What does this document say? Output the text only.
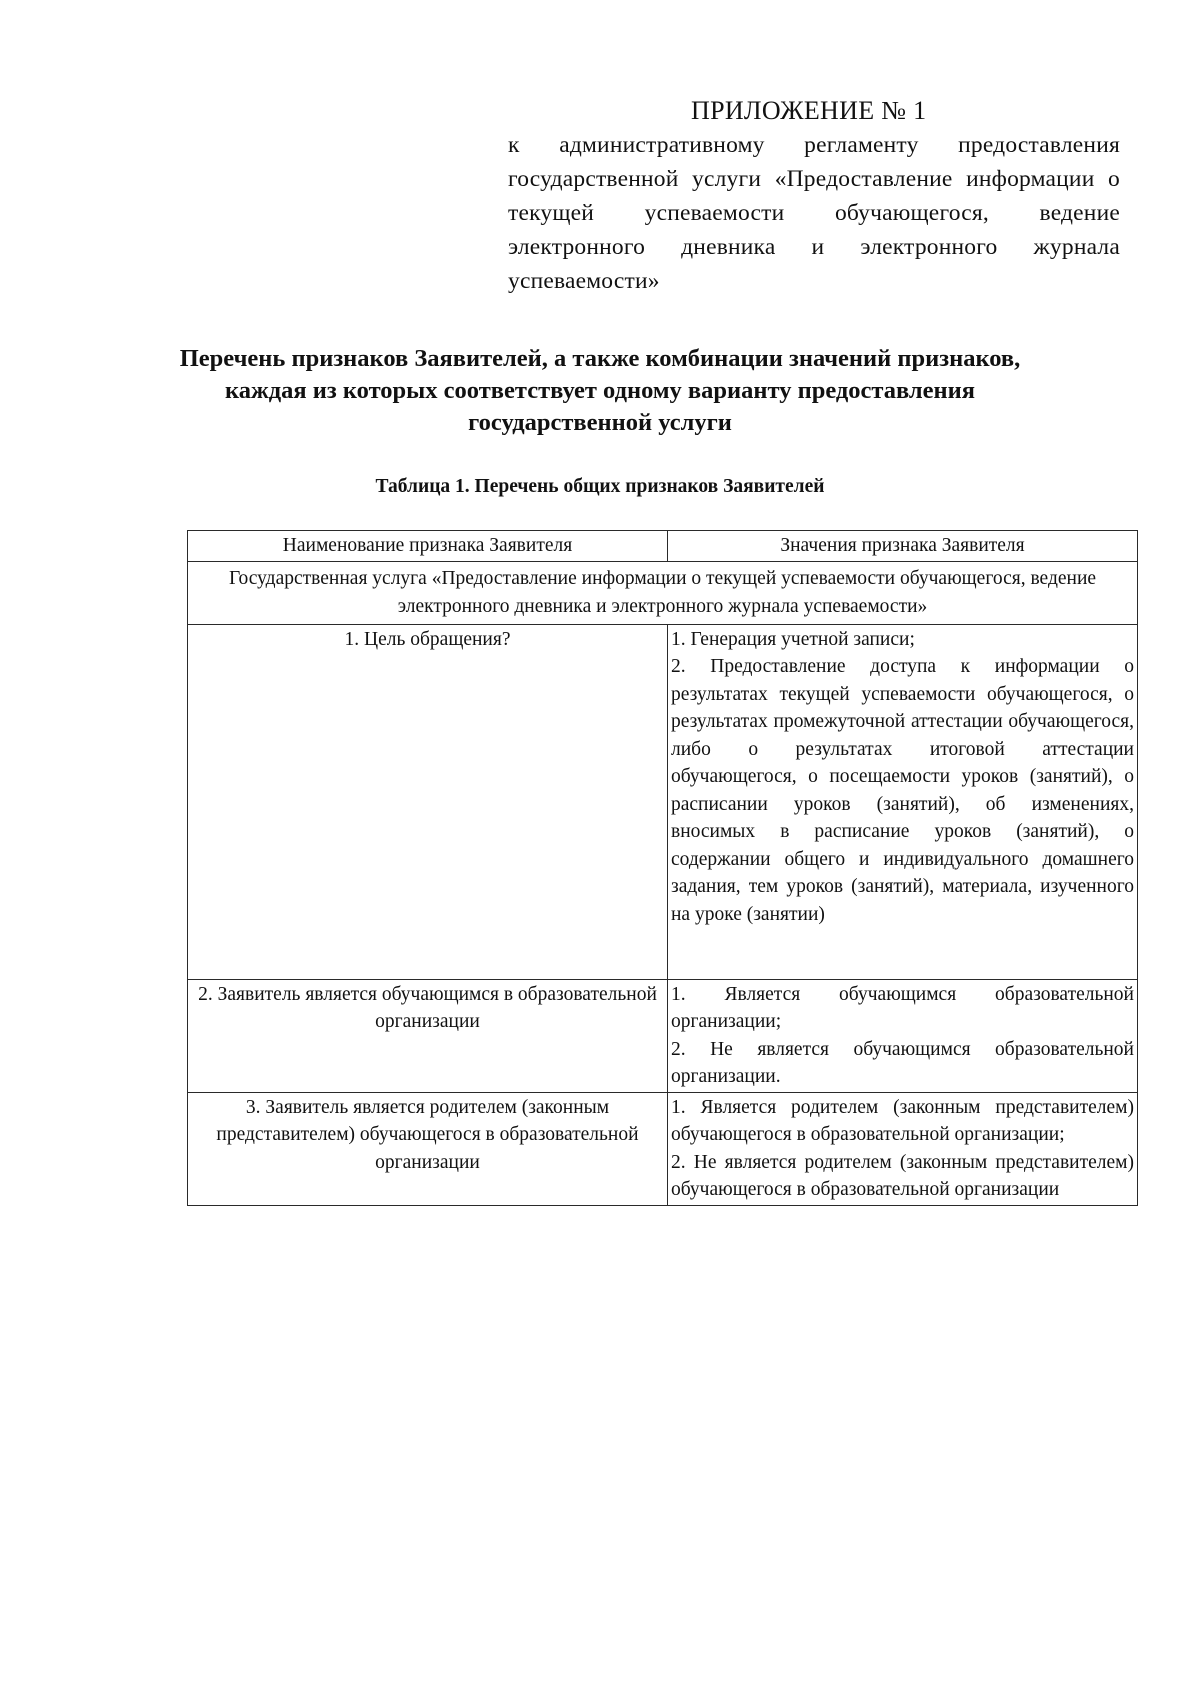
ПРИЛОЖЕНИЕ № 1
к административному регламенту предоставления государственной услуги «Предоставление информации о текущей успеваемости обучающегося, ведение электронного дневника и электронного журнала успеваемости»
Перечень признаков Заявителей, а также комбинации значений признаков, каждая из которых соответствует одному варианту предоставления государственной услуги
Таблица 1. Перечень общих признаков Заявителей
Наименование признака Заявителя	Значения признака Заявителя
Государственная услуга «Предоставление информации о текущей успеваемости обучающегося, ведение электронного дневника и электронного журнала успеваемости»	
1. Цель обращения?	1. Генерация учетной записи;
2. Предоставление доступа к информации о результатах текущей успеваемости обучающегося, о результатах промежуточной аттестации обучающегося, либо о результатах итоговой аттестации обучающегося, о посещаемости уроков (занятий), о расписании уроков (занятий), об изменениях, вносимых в расписание уроков (занятий), о содержании общего и индивидуального домашнего задания, тем уроков (занятий), материала, изученного на уроке (занятии)

2. Заявитель является обучающимся в образовательной организации	1. Является обучающимся образовательной организации;
2. Не является обучающимся образовательной организации.

3. Заявитель является родителем (законным представителем) обучающегося в образовательной организации	1. Является родителем (законным представителем) обучающегося в образовательной организации;
2. Не является родителем (законным представителем) обучающегося в образовательной организации
